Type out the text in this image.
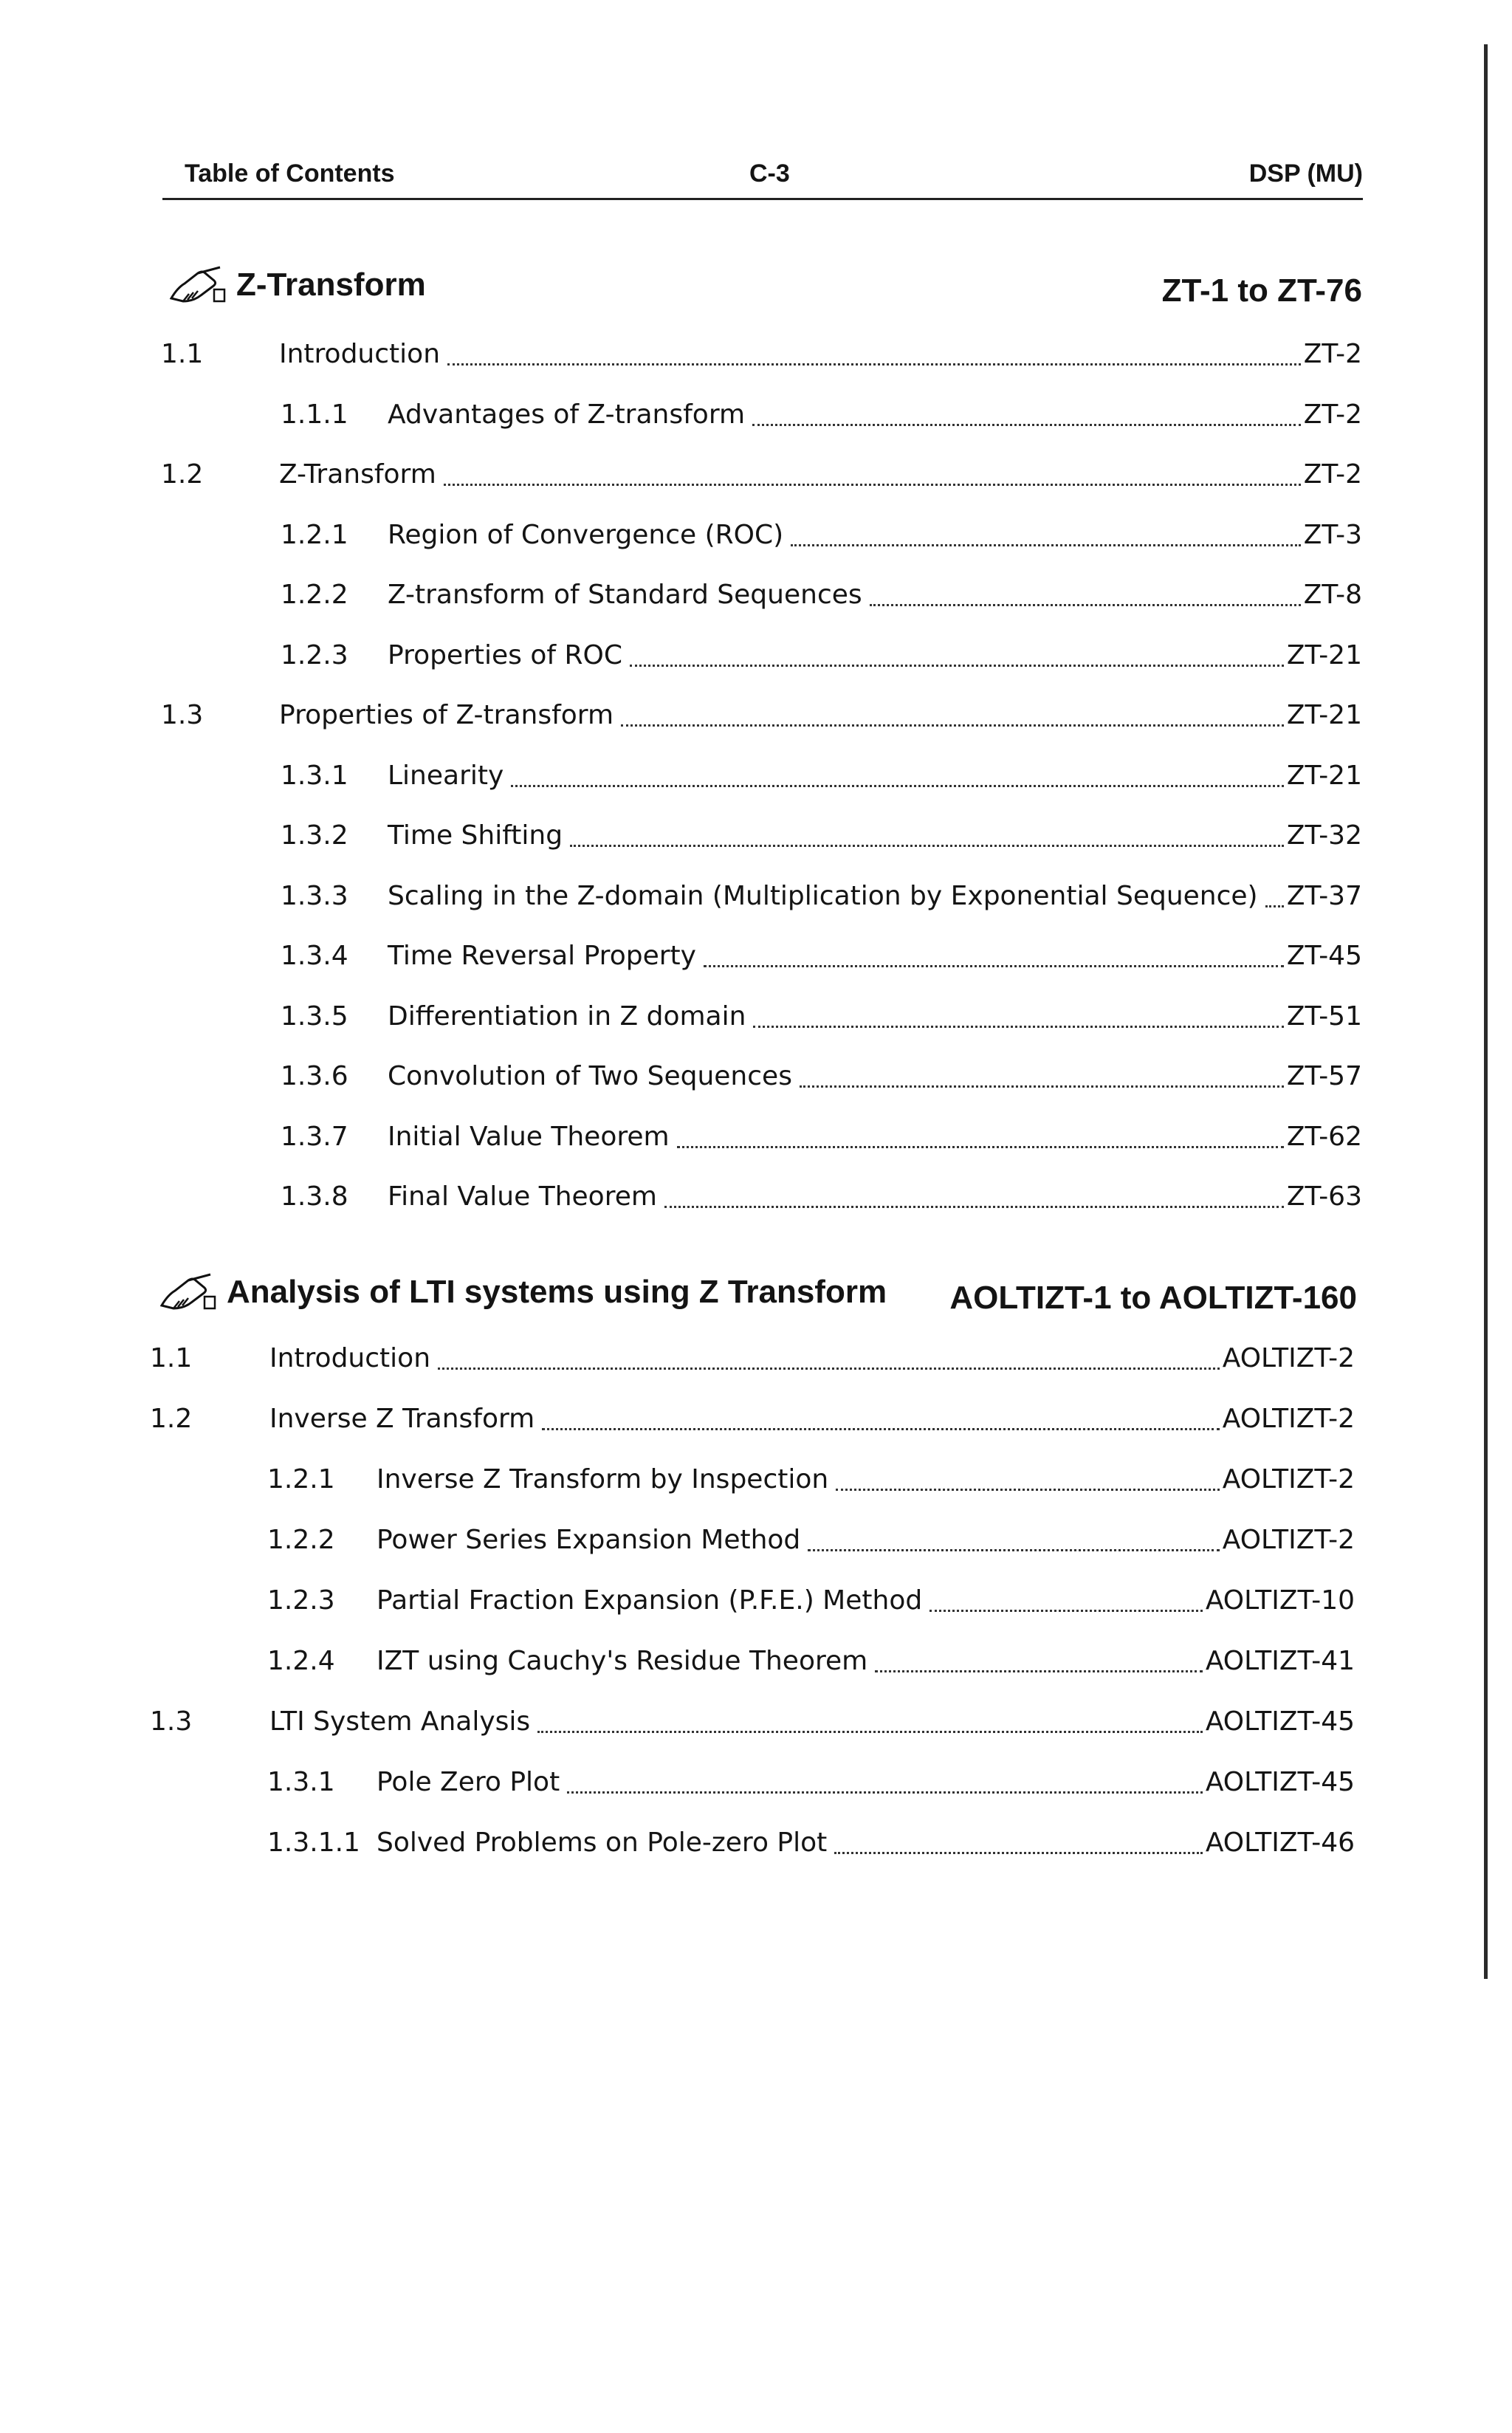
Table of Contents	C-3	DSP (MU)
Z-Transform	ZT-1 to ZT-76
Analysis of LTI systems using Z Transform	AOLTIZT-1 to AOLTIZT-160
1.1	Introduction	ZT-2
1.1.1 Advantages of Z-transform	ZT-2
1.2	Z-Transform	ZT-2
1.2.1 Region of Convergence (ROC)	ZT-3
1.2.2 Z-transform of Standard Sequences	ZT-8
1.2.3 Properties of ROC	ZT-21
1.3	Properties of Z-transform	ZT-21
1.3.1 Linearity	ZT-21
1.3.2 Time Shifting	ZT-32
1.3.3 Scaling in the Z-domain (Multiplication by Exponential Sequence) ZT-37
1.3.4 Time Reversal Property	ZT-45
1.3.5 Differentiation in Z domain	ZT-51
1.3.6 Convolution of Two Sequences	ZT-57
1.3.7 Initial Value Theorem	ZT-62
1.3.8 Final Value Theorem	ZT-63
1.1	Introduction	AOLTIZT-2
1.2	Inverse Z Transform	AOLTIZT-2
1.2.1 Inverse Z Transform by Inspection	AOLTIZT-2
1.2.2 Power Series Expansion Method	AOLTIZT-2
1.2.3 Partial Fraction Expansion (P.F.E.) Method	AOLTIZT-10
1.2.4 IZT using Cauchy's Residue Theorem	AOLTIZT-41
1.3	LTI System Analysis	AOLTIZT-45
1.3.1 Pole Zero Plot	AOLTIZT-45
1.3.1.1 Solved Problems on Pole-zero Plot	AOLTIZT-46
